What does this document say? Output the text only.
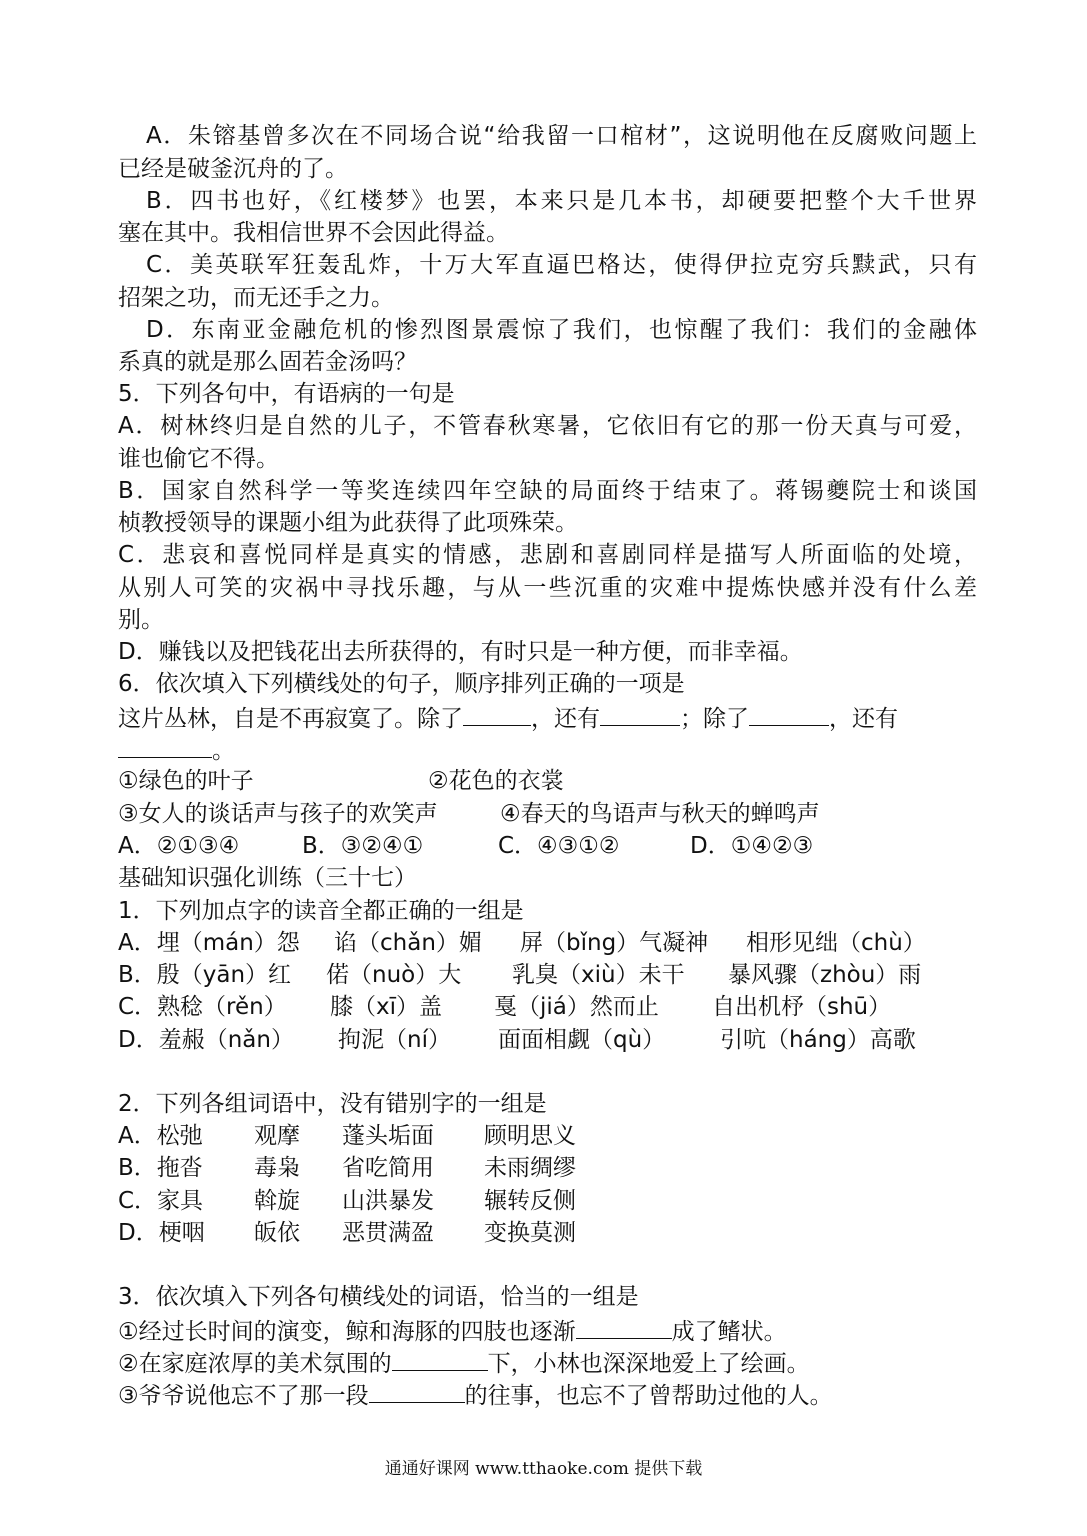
A．朱镕基曾多次在不同场合说“给我留一口棺材”，这说明他在反腐败问题上
已经是破釜沉舟的了。
B．四书也好，《红楼梦》也罢，本来只是几本书，却硬要把整个大千世界
塞在其中。我相信世界不会因此得益。
C．美英联军狂轰乱炸，十万大军直逼巴格达，使得伊拉克穷兵黩武，只有
招架之功，而无还手之力。
D．东南亚金融危机的惨烈图景震惊了我们，也惊醒了我们：我们的金融体
系真的就是那么固若金汤吗？
5．下列各句中，有语病的一句是
A．树林终归是自然的儿子，不管春秋寒暑，它依旧有它的那一份天真与可爱，
谁也偷它不得。
B．国家自然科学一等奖连续四年空缺的局面终于结束了。蒋锡夔院士和谈国
桢教授领导的课题小组为此获得了此项殊荣。
C．悲哀和喜悦同样是真实的情感，悲剧和喜剧同样是描写人所面临的处境，
从别人可笑的灾祸中寻找乐趣，与从一些沉重的灾难中提炼快感并没有什么差
别。
D．赚钱以及把钱花出去所获得的，有时只是一种方便，而非幸福。
6．依次填入下列横线处的句子，顺序排列正确的一项是
这片丛林，自是不再寂寞了。除了	，还有	；除了	，还有
。
①绿色的叶子	②花色的衣裳
③女人的谈话声与孩子的欢笑声	④春天的鸟语声与秋天的蝉鸣声
A．②①③④	B．③②④①	C．④③①②	D．①④②③
基础知识强化训练（三十七）
1．下列加点字的读音全都正确的一组是
A．埋（mán）怨 谄（chǎn）媚 屏（bǐng）气凝神 相形见绌（chù）
B．殷（yān）红 偌（nuò）大 乳臭（xiù）未干 暴风骤（zhòu）雨
C．熟稔（rěn） 膝（xī）盖 戛（jiá）然而止 自出机杼（shū）
D．羞赧（nǎn） 拘泥（ní） 面面相觑（qù） 引吭（háng）高歌
2．下列各组词语中，没有错别字的一组是
A．松弛 观摩 蓬头垢面 顾明思义
B．拖沓 毒枭 省吃简用 未雨绸缪
C．家具 斡旋 山洪暴发 辗转反侧
D．梗咽 皈依 恶贯满盈 变换莫测
3．依次填入下列各句横线处的词语，恰当的一组是
①经过长时间的演变，鲸和海豚的四肢也逐渐	成了鳍状。
②在家庭浓厚的美术氛围的	下，小林也深深地爱上了绘画。
③爷爷说他忘不了那一段	的往事，也忘不了曾帮助过他的人。
通通好课网 www.tthaoke.com 提供下载
